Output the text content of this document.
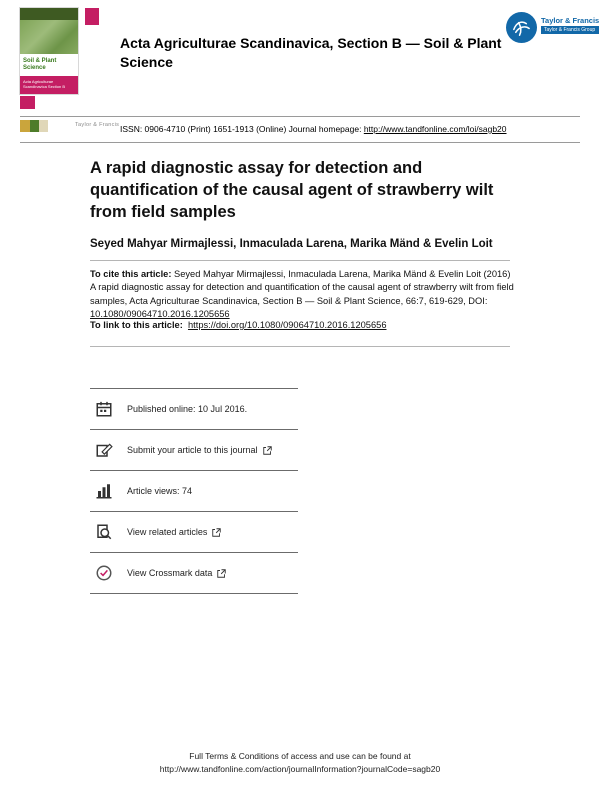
Soil & Plant Science
Acta Agriculturae Scandinavica Section B
Taylor & Francis
Acta Agriculturae Scandinavica, Section B — Soil & Plant Science
Taylor & Francis
Taylor & Francis Group
ISSN: 0906-4710 (Print) 1651-1913 (Online) Journal homepage: http://www.tandfonline.com/loi/sagb20
A rapid diagnostic assay for detection and quantification of the causal agent of strawberry wilt from field samples
Seyed Mahyar Mirmajlessi, Inmaculada Larena, Marika Mänd & Evelin Loit
To cite this article: Seyed Mahyar Mirmajlessi, Inmaculada Larena, Marika Mänd & Evelin Loit (2016) A rapid diagnostic assay for detection and quantification of the causal agent of strawberry wilt from field samples, Acta Agriculturae Scandinavica, Section B — Soil & Plant Science, 66:7, 619-629, DOI: 10.1080/09064710.2016.1205656
To link to this article: https://doi.org/10.1080/09064710.2016.1205656
Published online: 10 Jul 2016.
Submit your article to this journal
Article views: 74
View related articles
View Crossmark data
Full Terms & Conditions of access and use can be found at
http://www.tandfonline.com/action/journalInformation?journalCode=sagb20
